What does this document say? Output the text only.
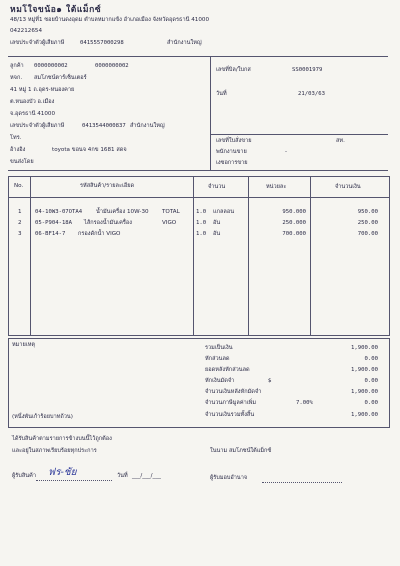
หมโใจขน้อ๑ ใต้แม็กซ์
48/13 หมู่ที่1 ซอยบ้านดงอุดม ตำบลหมากแข้ง อำเภอเมือง จังหวัดอุดรธานี 41000
042212654
เลขประจำตัวผู้เสียภาษี	0415557000298	สำนักงานใหญ่
ลูกค้า 0000000002	0000000002
หจก. สมโภชน์ตาร์เซ็นเตอร์
41 หมู่ 1 ถ.อุดร-หนองคาย
ต.หนองบัว อ.เมือง
จ.อุดรธานี 41000
เลขประจำตัวผู้เสียภาษี	0413544000837 สำนักงานใหญ่
โทร.
อ้างอิง	toyota ขอนจ 4กข 1681 สดจ
ขนส่งโดย
เลขที่บิล/ใบกส	SS0001979
วันที่	21/03/63
เลขที่ใบสั่งขาย	สท.
พนักงานขาย	-
เงซอการขาย
No.	รหัสสินค้า/รายละเอียด	จำนวน	หน่วยละ	จำนวนเงิน
1 04-10W3-07OTA4 น้ำมันเครื่อง 10W-30 TOTAL	1.0 แกลลอน	950.000	950.00
2 05-P904-18A ไส้กรองน้ำมันเครื่อง	VIGO	1.0 อัน	250.000	250.00
3 06-BF14-7 กรองดักน้ำ VIGO	1.0 อัน	700.000	700.00
หมายเหตุ
(หนึ่งพันเก้าร้อยบาทถ้วน)
รวมเป็นเงิน	1,900.00
หักส่วนลด	0.00
ยอดหลังหักส่วนลด	1,900.00
หักเงินมัดจำ	$	0.00
จำนวนเงินหลังหักมัดจำ	1,900.00
จำนวนภาษีมูลค่าเพิ่ม	7.00%	0.00
จำนวนเงินรวมทั้งสิ้น	1,900.00
ได้รับสินค้าตามรายการข้างบนนี้ไว้ถูกต้อง
และอยู่ในสภาพเรียบร้อยทุกประการ	ในนาม สมโภชน์ใต้แม็กซ์
ผู้รับสินค้า ฟร-ชัย	วันที่ ___/___/___	ผู้รับมอบอำนาจ
